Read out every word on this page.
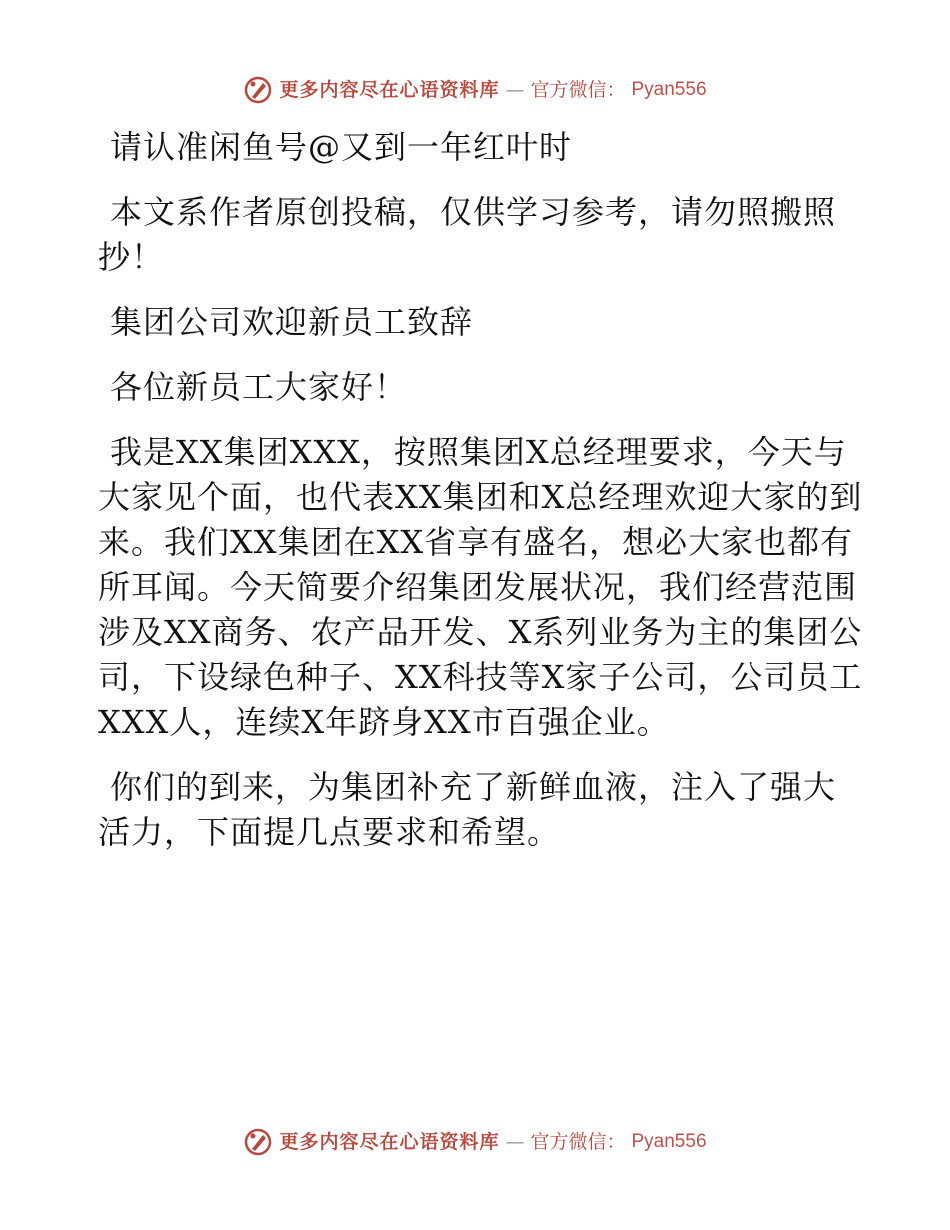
更多内容尽在心语资料库 — 官方微信： Pyan556

请认准闲鱼号@又到一年红叶时

本文系作者原创投稿，仅供学习参考，请勿照搬照抄！

集团公司欢迎新员工致辞

各位新员工大家好！

我是XX集团XXX，按照集团X总经理要求，今天与大家见个面，也代表XX集团和X总经理欢迎大家的到来。我们XX集团在XX省享有盛名，想必大家也都有所耳闻。今天简要介绍集团发展状况，我们经营范围涉及XX商务、农产品开发、X系列业务为主的集团公司，下设绿色种子、XX科技等X家子公司，公司员工XXX人，连续X年跻身XX市百强企业。

你们的到来，为集团补充了新鲜血液，注入了强大活力，下面提几点要求和希望。

更多内容尽在心语资料库 — 官方微信： Pyan556
